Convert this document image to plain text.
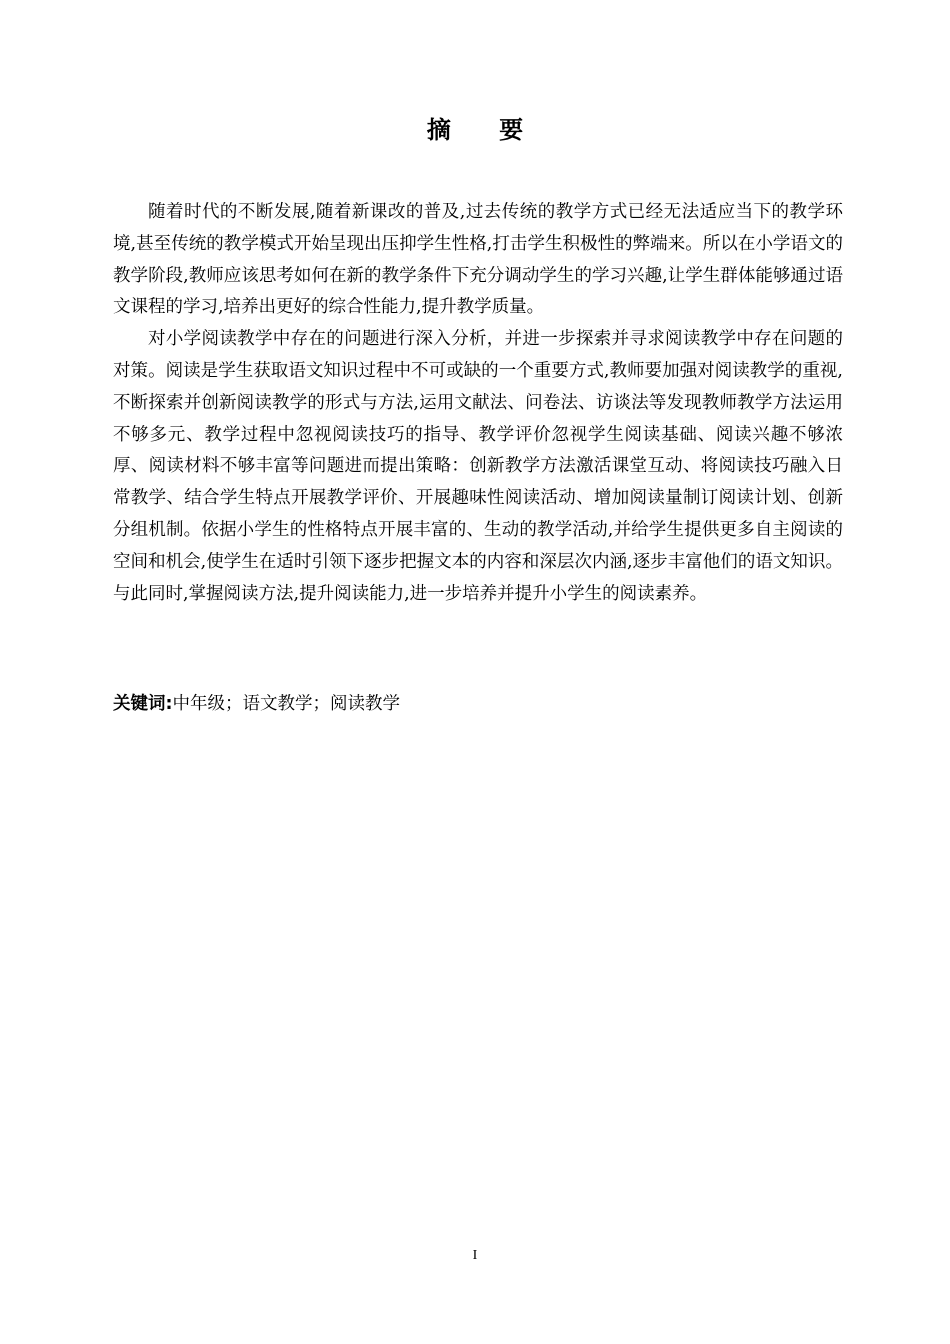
摘 要

随着时代的不断发展,随着新课改的普及,过去传统的教学方式已经无法适应当下的教学环境,甚至传统的教学模式开始呈现出压抑学生性格,打击学生积极性的弊端来。所以在小学语文的教学阶段,教师应该思考如何在新的教学条件下充分调动学生的学习兴趣,让学生群体能够通过语文课程的学习,培养出更好的综合性能力,提升教学质量。

对小学阅读教学中存在的问题进行深入分析，并进一步探索并寻求阅读教学中存在问题的对策。阅读是学生获取语文知识过程中不可或缺的一个重要方式,教师要加强对阅读教学的重视,不断探索并创新阅读教学的形式与方法,运用文献法、问卷法、访谈法等发现教师教学方法运用不够多元、教学过程中忽视阅读技巧的指导、教学评价忽视学生阅读基础、阅读兴趣不够浓厚、阅读材料不够丰富等问题进而提出策略：创新教学方法激活课堂互动、将阅读技巧融入日常教学、结合学生特点开展教学评价、开展趣味性阅读活动、增加阅读量制订阅读计划、创新分组机制。依据小学生的性格特点开展丰富的、生动的教学活动,并给学生提供更多自主阅读的空间和机会,使学生在适时引领下逐步把握文本的内容和深层次内涵,逐步丰富他们的语文知识。与此同时,掌握阅读方法,提升阅读能力,进一步培养并提升小学生的阅读素养。

关键词:中年级；语文教学；阅读教学
I
